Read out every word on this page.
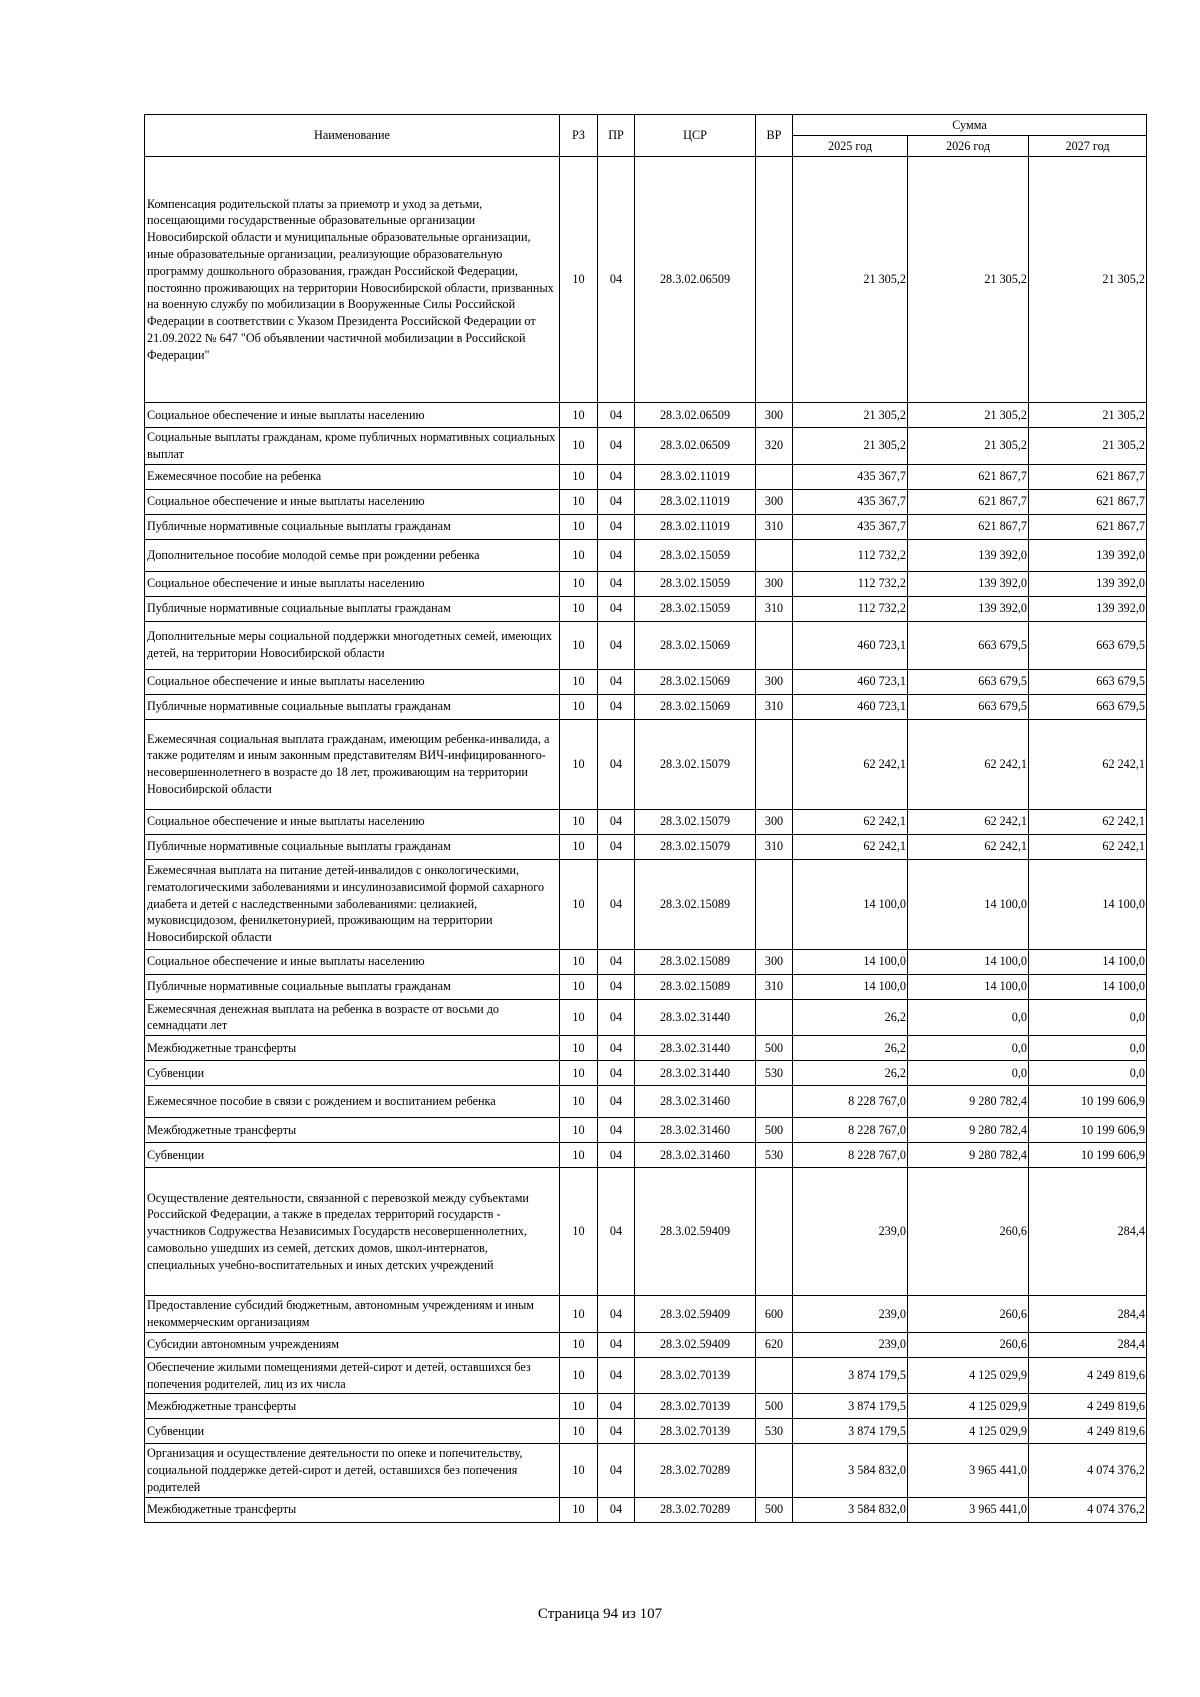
Наименование	РЗ	ПР	ЦСР	ВР	Сумма		
					2025 год	2026 год	2027 год
Компенсация родительской платы за приемотр и уход за детьми, посещающими государственные образовательные организации Новосибирской области и муниципальные образовательные организации, иные образовательные организации, реализующие образовательную программу дошкольного образования, граждан Российской Федерации, постоянно проживающих на территории Новосибирской области, призванных на военную службу по мобилизации в Вооруженные Силы Российской Федерации в соответствии с Указом Президента Российской Федерации от 21.09.2022 № 647 "Об объявлении частичной мобилизации в Российской Федерации"	10	04	28.3.02.06509		21 305,2	21 305,2	21 305,2
Социальное обеспечение и иные выплаты населению	10	04	28.3.02.06509	300	21 305,2	21 305,2	21 305,2
Социальные выплаты гражданам, кроме публичных нормативных социальных выплат	10	04	28.3.02.06509	320	21 305,2	21 305,2	21 305,2
Ежемесячное пособие на ребенка	10	04	28.3.02.11019		435 367,7	621 867,7	621 867,7
Социальное обеспечение и иные выплаты населению	10	04	28.3.02.11019	300	435 367,7	621 867,7	621 867,7
Публичные нормативные социальные выплаты гражданам	10	04	28.3.02.11019	310	435 367,7	621 867,7	621 867,7
Дополнительное пособие молодой семье при рождении ребенка	10	04	28.3.02.15059		112 732,2	139 392,0	139 392,0
Социальное обеспечение и иные выплаты населению	10	04	28.3.02.15059	300	112 732,2	139 392,0	139 392,0
Публичные нормативные социальные выплаты гражданам	10	04	28.3.02.15059	310	112 732,2	139 392,0	139 392,0
Дополнительные меры социальной поддержки многодетных семей, имеющих детей, на территории Новосибирской области	10	04	28.3.02.15069		460 723,1	663 679,5	663 679,5
Социальное обеспечение и иные выплаты населению	10	04	28.3.02.15069	300	460 723,1	663 679,5	663 679,5
Публичные нормативные социальные выплаты гражданам	10	04	28.3.02.15069	310	460 723,1	663 679,5	663 679,5
Ежемесячная социальная выплата гражданам, имеющим ребенка-инвалида, а также родителям и иным законным представителям ВИЧ-инфицированного-несовершеннолетнего в возрасте до 18 лет, проживающим на территории Новосибирской области	10	04	28.3.02.15079		62 242,1	62 242,1	62 242,1
Социальное обеспечение и иные выплаты населению	10	04	28.3.02.15079	300	62 242,1	62 242,1	62 242,1
Публичные нормативные социальные выплаты гражданам	10	04	28.3.02.15079	310	62 242,1	62 242,1	62 242,1
Ежемесячная выплата на питание детей-инвалидов с онкологическими, гематологическими заболеваниями и инсулинозависимой формой сахарного диабета и детей с наследственными заболеваниями: целиакией, муковисцидозом, фенилкетонурией, проживающим на территории Новосибирской области	10	04	28.3.02.15089		14 100,0	14 100,0	14 100,0
Социальное обеспечение и иные выплаты населению	10	04	28.3.02.15089	300	14 100,0	14 100,0	14 100,0
Публичные нормативные социальные выплаты гражданам	10	04	28.3.02.15089	310	14 100,0	14 100,0	14 100,0
Ежемесячная денежная выплата на ребенка в возрасте от восьми до семнадцати лет	10	04	28.3.02.31440		26,2	0,0	0,0
Межбюджетные трансферты	10	04	28.3.02.31440	500	26,2	0,0	0,0
Субвенции	10	04	28.3.02.31440	530	26,2	0,0	0,0
Ежемесячное пособие в связи с рождением и воспитанием ребенка	10	04	28.3.02.31460		8 228 767,0	9 280 782,4	10 199 606,9
Межбюджетные трансферты	10	04	28.3.02.31460	500	8 228 767,0	9 280 782,4	10 199 606,9
Субвенции	10	04	28.3.02.31460	530	8 228 767,0	9 280 782,4	10 199 606,9
Осуществление деятельности, связанной с перевозкой между субъектами Российской Федерации, а также в пределах территорий государств - участников Содружества Независимых Государств несовершеннолетних, самовольно ушедших из семей, детских домов, школ-интернатов, специальных учебно-воспитательных и иных детских учреждений	10	04	28.3.02.59409		239,0	260,6	284,4
Предоставление субсидий бюджетным, автономным учреждениям и иным некоммерческим организациям	10	04	28.3.02.59409	600	239,0	260,6	284,4
Субсидии автономным учреждениям	10	04	28.3.02.59409	620	239,0	260,6	284,4
Обеспечение жилыми помещениями детей-сирот и детей, оставшихся без попечения родителей, лиц из их числа	10	04	28.3.02.70139		3 874 179,5	4 125 029,9	4 249 819,6
Межбюджетные трансферты	10	04	28.3.02.70139	500	3 874 179,5	4 125 029,9	4 249 819,6
Субвенции	10	04	28.3.02.70139	530	3 874 179,5	4 125 029,9	4 249 819,6
Организация и осуществление деятельности по опеке и попечительству, социальной поддержке детей-сирот и детей, оставшихся без попечения родителей	10	04	28.3.02.70289		3 584 832,0	3 965 441,0	4 074 376,2
Межбюджетные трансферты	10	04	28.3.02.70289	500	3 584 832,0	3 965 441,0	4 074 376,2
Страница 94 из 107
